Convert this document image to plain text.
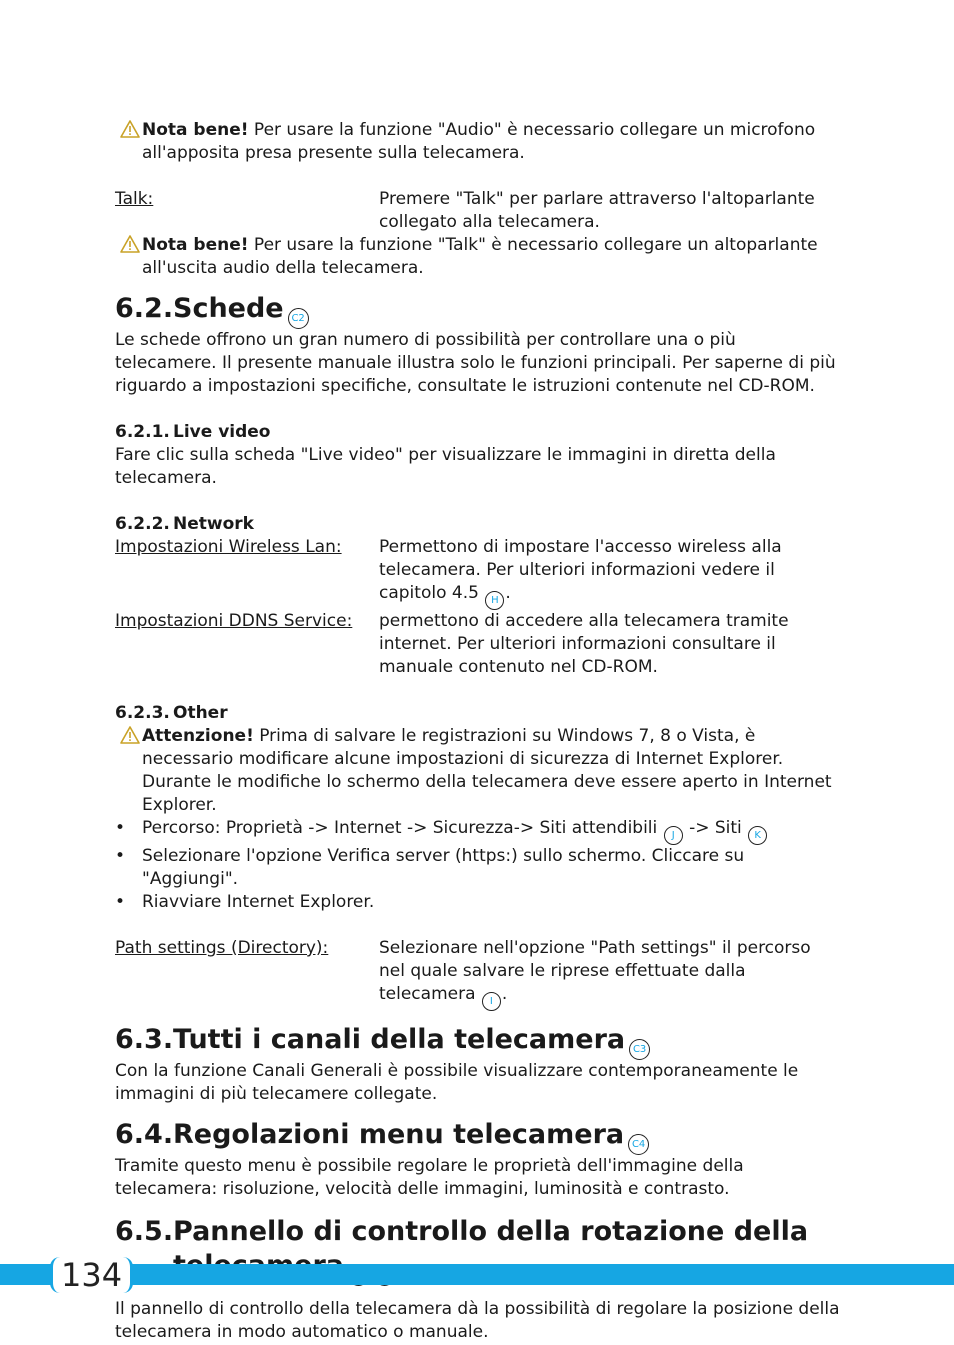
Nota bene! Per usare la funzione "Audio" è necessario collegare un microfono all'apposita presa presente sulla telecamera.

Talk:	Premere "Talk" per parlare attraverso l'altoparlante collegato alla telecamera.

Nota bene! Per usare la funzione "Talk" è necessario collegare un altoparlante all'uscita audio della telecamera.

6.2. Schede C2

Le schede offrono un gran numero di possibilità per controllare una o più telecamere. Il presente manuale illustra solo le funzioni principali. Per saperne di più riguardo a impostazioni specifiche, consultate le istruzioni contenute nel CD-ROM.

6.2.1. Live video

Fare clic sulla scheda "Live video" per visualizzare le immagini in diretta della telecamera.

6.2.2. Network
Impostazioni Wireless Lan:	Permettono di impostare l'accesso wireless alla telecamera. Per ulteriori informazioni vedere il capitolo 4.5 H .
Impostazioni DDNS Service:	permettono di accedere alla telecamera tramite internet. Per ulteriori informazioni consultare il manuale contenuto nel CD-ROM.
6.2.3. Other

Attenzione! Prima di salvare le registrazioni su Windows 7, 8 o Vista, è necessario modificare alcune impostazioni di sicurezza di Internet Explorer. Durante le modifiche lo schermo della telecamera deve essere aperto in Internet Explorer.

• Percorso: Proprietà -> Internet -> Sicurezza-> Siti attendibili J -> Siti K
• Selezionare l'opzione Verifica server (https:) sullo schermo. Cliccare su "Aggiungi".
• Riavviare Internet Explorer.
Path settings (Directory):	Selezionare nell'opzione "Path settings" il percorso nel quale salvare le riprese effettuate dalla telecamera I .
6.3. Tutti i canali della telecamera C3

Con la funzione Canali Generali è possibile visualizzare contemporaneamente le immagini di più telecamere collegate.

6.4. Regolazioni menu telecamera C4

Tramite questo menu è possibile regolare le proprietà dell'immagine della telecamera: risoluzione, velocità delle immagini, luminosità e contrasto.

6.5. Pannello di controllo della rotazione della

Il pannello di controllo della telecamera dà la possibilità di regolare la posizione della telecamera in modo automatico o manuale.

134
